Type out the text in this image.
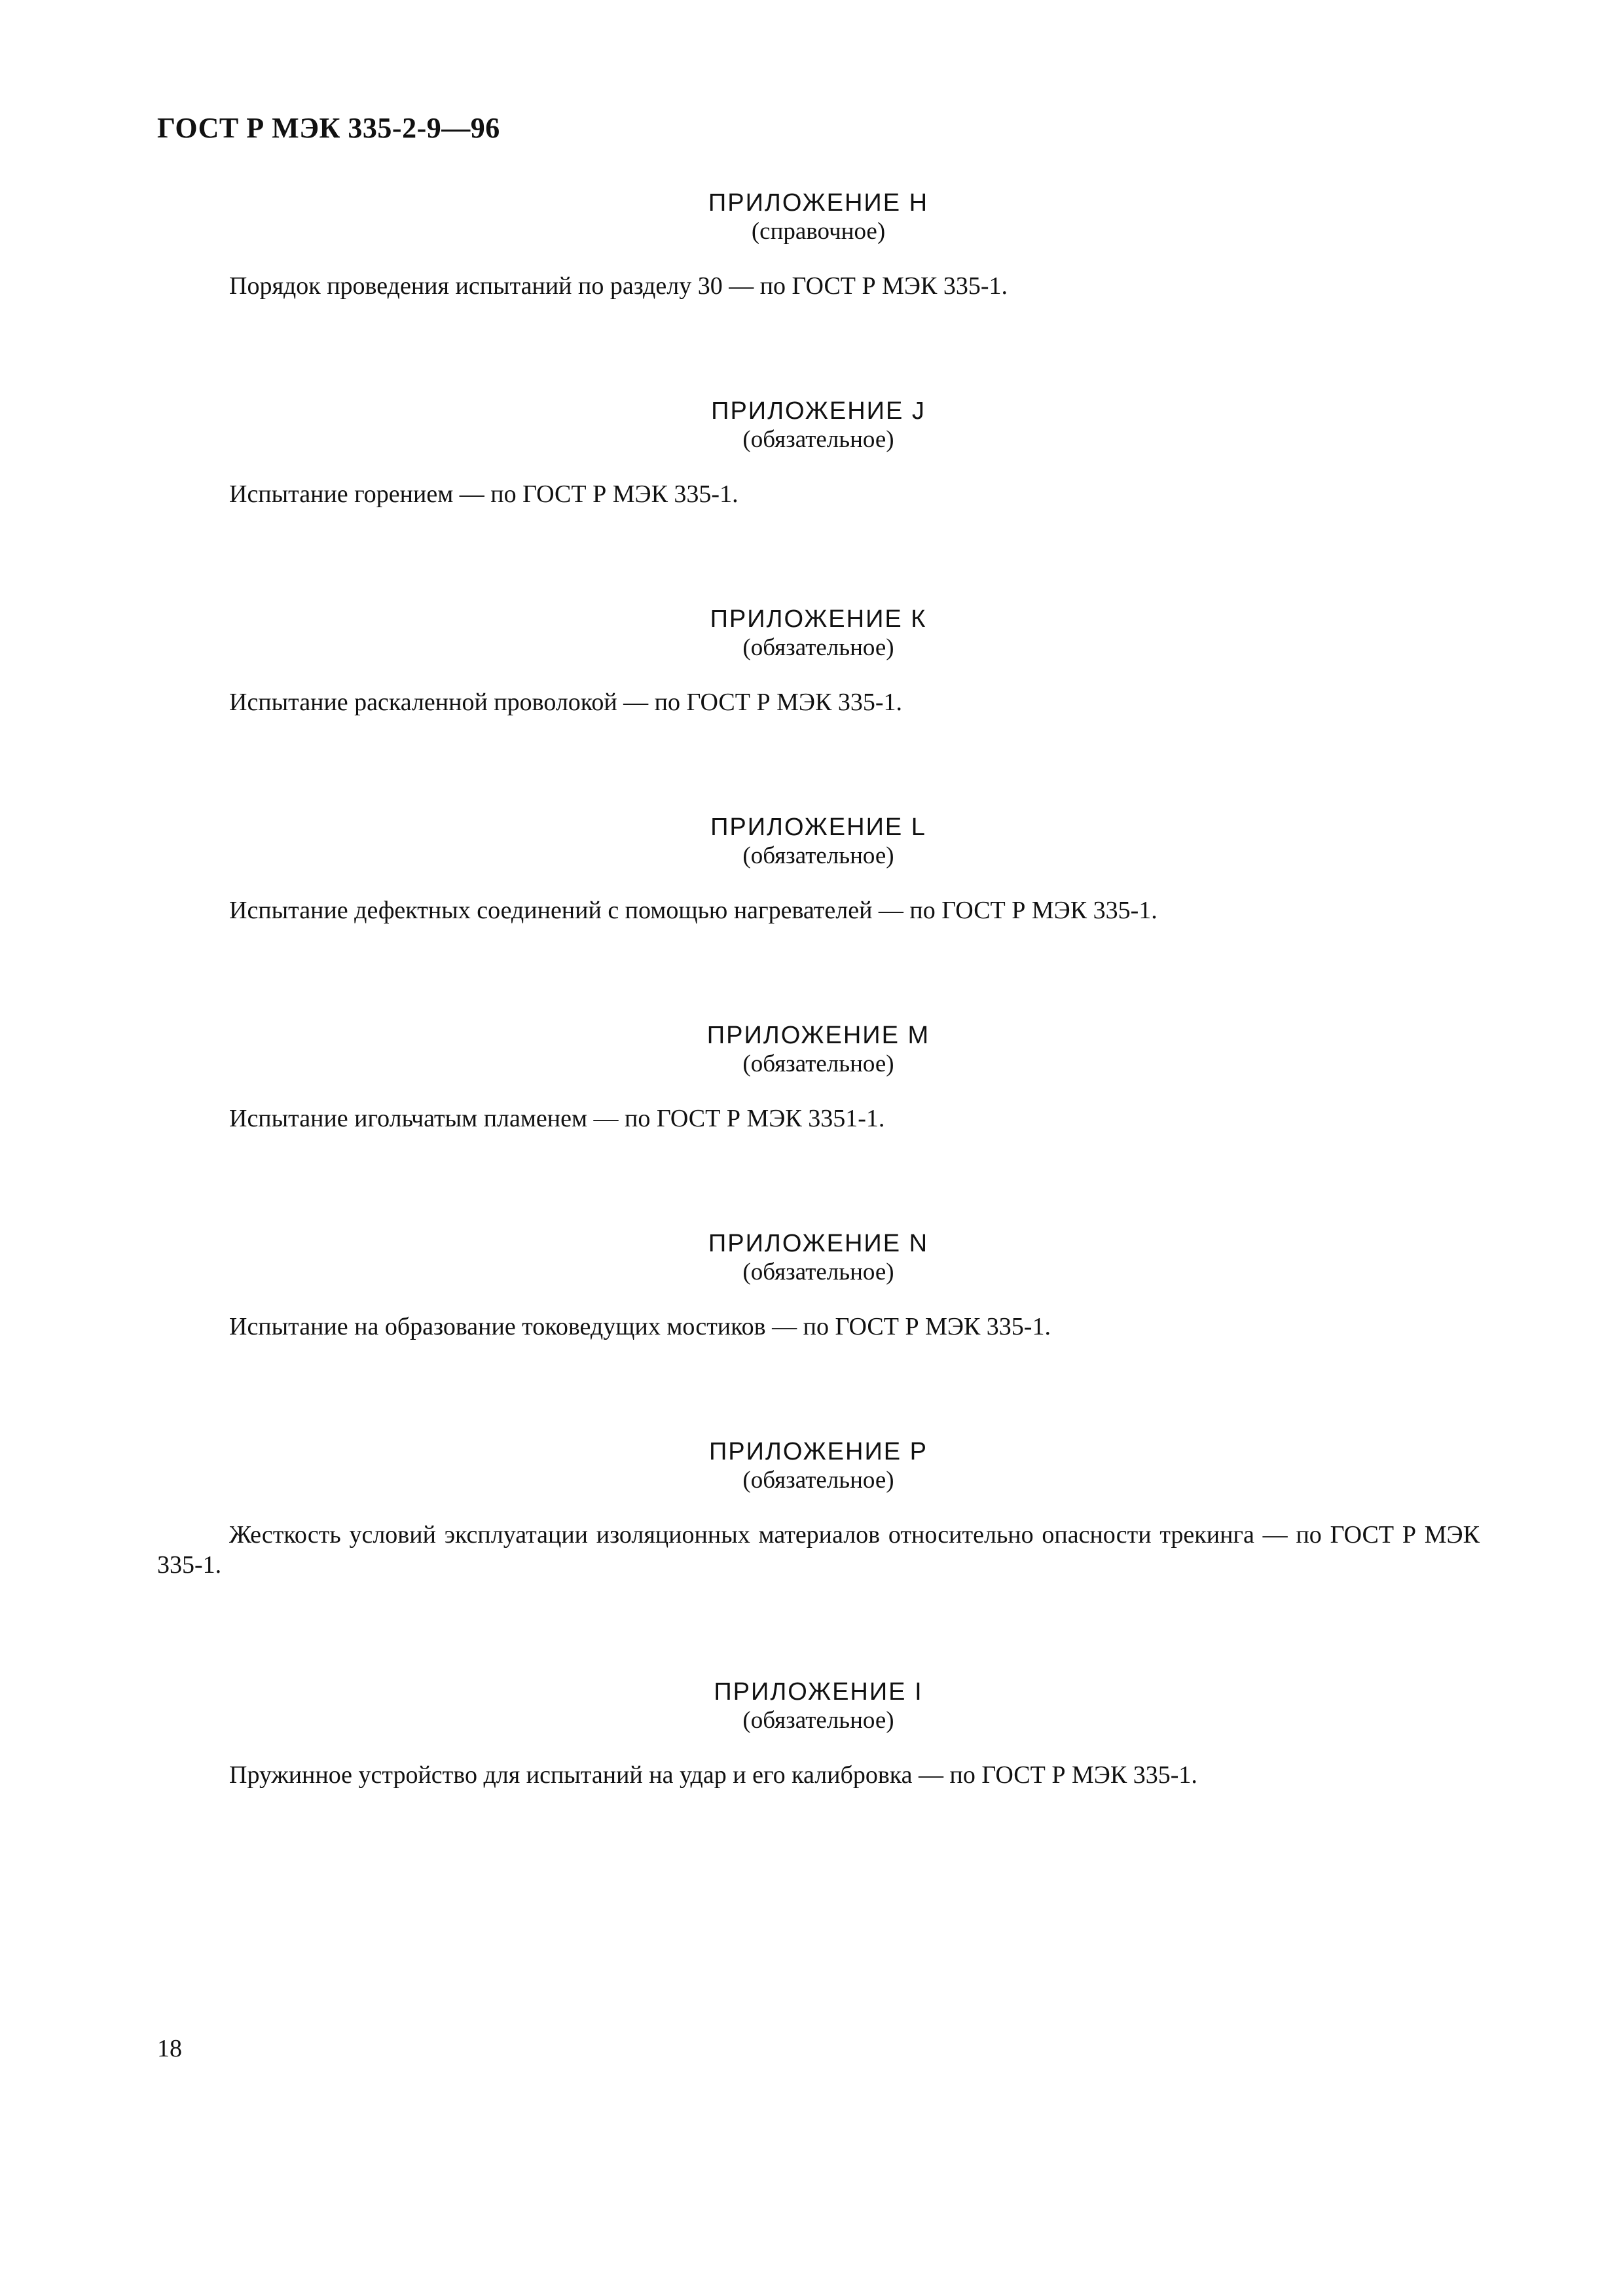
ГОСТ Р МЭК 335-2-9—96

ПРИЛОЖЕНИЕ Н

(справочное)

Порядок проведения испытаний по разделу 30 — по ГОСТ Р МЭК 335-1.

ПРИЛОЖЕНИЕ J

(обязательное)

Испытание горением — по ГОСТ Р МЭК 335-1.

ПРИЛОЖЕНИЕ К

(обязательное)

Испытание раскаленной проволокой — по ГОСТ Р МЭК 335-1.

ПРИЛОЖЕНИЕ L

(обязательное)

Испытание дефектных соединений с помощью нагревателей — по ГОСТ Р МЭК 335-1.

ПРИЛОЖЕНИЕ М

(обязательное)

Испытание игольчатым пламенем — по ГОСТ Р МЭК 3351-1.

ПРИЛОЖЕНИЕ N

(обязательное)

Испытание на образование токоведущих мостиков — по ГОСТ Р МЭК 335-1.

ПРИЛОЖЕНИЕ Р

(обязательное)

Жесткость условий эксплуатации изоляционных материалов относительно опасности трекинга — по ГОСТ Р МЭК 335-1.

ПРИЛОЖЕНИЕ I

(обязательное)

Пружинное устройство для испытаний на удар и его калибровка — по ГОСТ Р МЭК 335-1.

18
